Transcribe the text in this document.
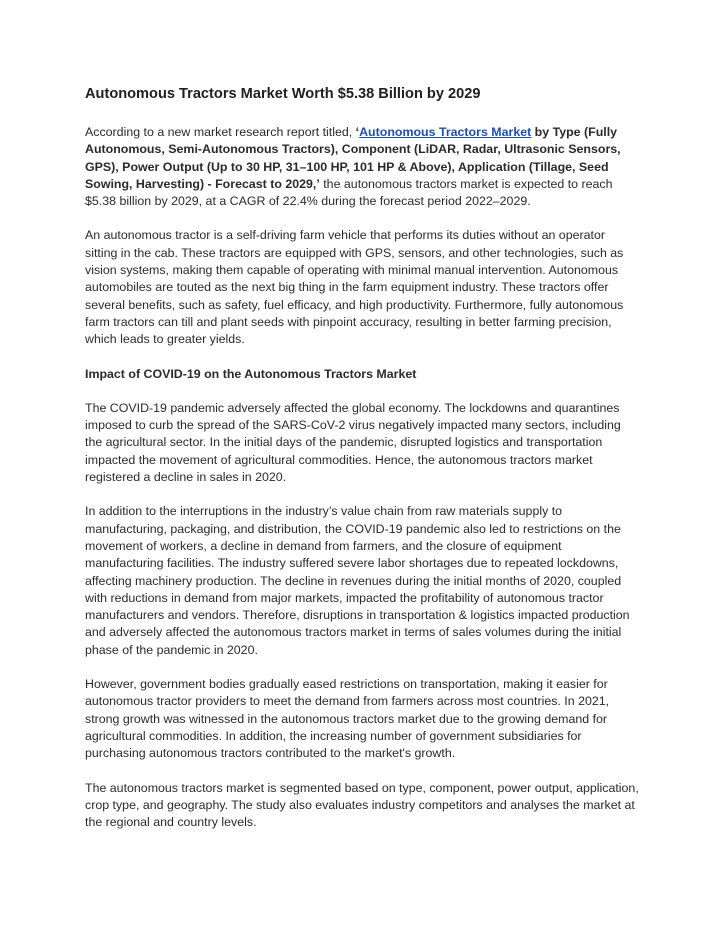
Autonomous Tractors Market Worth $5.38 Billion by 2029

According to a new market research report titled, ‘Autonomous Tractors Market by Type (Fully Autonomous, Semi-Autonomous Tractors), Component (LiDAR, Radar, Ultrasonic Sensors, GPS), Power Output (Up to 30 HP, 31–100 HP, 101 HP & Above), Application (Tillage, Seed Sowing, Harvesting) - Forecast to 2029,’ the autonomous tractors market is expected to reach $5.38 billion by 2029, at a CAGR of 22.4% during the forecast period 2022–2029.

An autonomous tractor is a self-driving farm vehicle that performs its duties without an operator sitting in the cab. These tractors are equipped with GPS, sensors, and other technologies, such as vision systems, making them capable of operating with minimal manual intervention. Autonomous automobiles are touted as the next big thing in the farm equipment industry. These tractors offer several benefits, such as safety, fuel efficacy, and high productivity. Furthermore, fully autonomous farm tractors can till and plant seeds with pinpoint accuracy, resulting in better farming precision, which leads to greater yields.

Impact of COVID-19 on the Autonomous Tractors Market

The COVID-19 pandemic adversely affected the global economy. The lockdowns and quarantines imposed to curb the spread of the SARS-CoV-2 virus negatively impacted many sectors, including the agricultural sector. In the initial days of the pandemic, disrupted logistics and transportation impacted the movement of agricultural commodities. Hence, the autonomous tractors market registered a decline in sales in 2020.

In addition to the interruptions in the industry’s value chain from raw materials supply to manufacturing, packaging, and distribution, the COVID-19 pandemic also led to restrictions on the movement of workers, a decline in demand from farmers, and the closure of equipment manufacturing facilities. The industry suffered severe labor shortages due to repeated lockdowns, affecting machinery production. The decline in revenues during the initial months of 2020, coupled with reductions in demand from major markets, impacted the profitability of autonomous tractor manufacturers and vendors. Therefore, disruptions in transportation & logistics impacted production and adversely affected the autonomous tractors market in terms of sales volumes during the initial phase of the pandemic in 2020.

However, government bodies gradually eased restrictions on transportation, making it easier for autonomous tractor providers to meet the demand from farmers across most countries. In 2021, strong growth was witnessed in the autonomous tractors market due to the growing demand for agricultural commodities. In addition, the increasing number of government subsidiaries for purchasing autonomous tractors contributed to the market's growth.

The autonomous tractors market is segmented based on type, component, power output, application, crop type, and geography. The study also evaluates industry competitors and analyses the market at the regional and country levels.
